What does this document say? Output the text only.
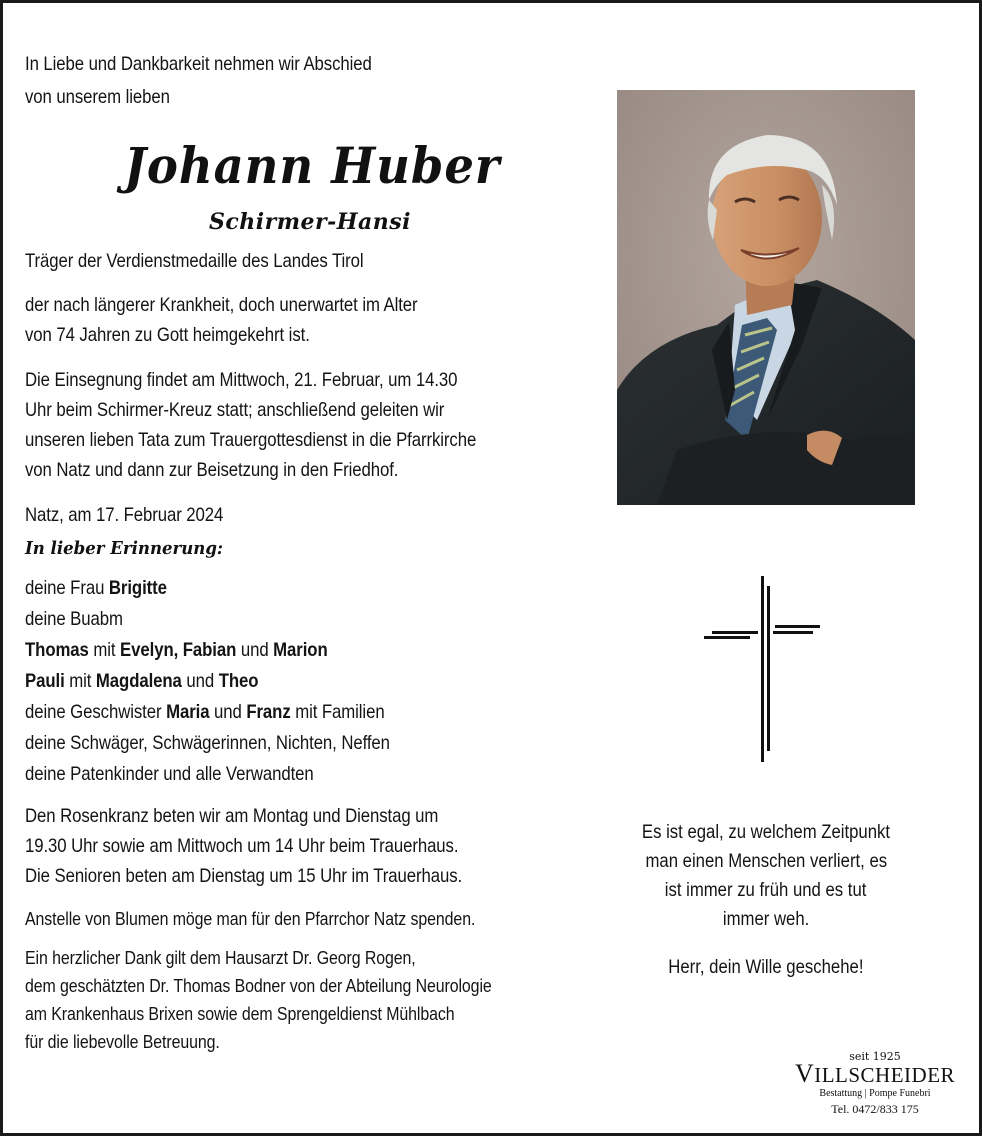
In Liebe und Dankbarkeit nehmen wir Abschied
von unserem lieben
Johann Huber
Schirmer-Hansi
Träger der Verdienstmedaille des Landes Tirol
der nach längerer Krankheit, doch unerwartet im Alter
von 74 Jahren zu Gott heimgekehrt ist.
Die Einsegnung findet am Mittwoch, 21. Februar, um 14.30
Uhr beim Schirmer-Kreuz statt; anschließend geleiten wir
unseren lieben Tata zum Trauergottesdienst in die Pfarrkirche
von Natz und dann zur Beisetzung in den Friedhof.
Natz, am 17. Februar 2024
In lieber Erinnerung:
deine Frau Brigitte
deine Buabm
Thomas mit Evelyn, Fabian und Marion
Pauli mit Magdalena und Theo
deine Geschwister Maria und Franz mit Familien
deine Schwäger, Schwägerinnen, Nichten, Neffen
deine Patenkinder und alle Verwandten
Den Rosenkranz beten wir am Montag und Dienstag um
19.30 Uhr sowie am Mittwoch um 14 Uhr beim Trauerhaus.
Die Senioren beten am Dienstag um 15 Uhr im Trauerhaus.
Anstelle von Blumen möge man für den Pfarrchor Natz spenden.
Ein herzlicher Dank gilt dem Hausarzt Dr. Georg Rogen,
dem geschätzten Dr. Thomas Bodner von der Abteilung Neurologie
am Krankenhaus Brixen sowie dem Sprengeldienst Mühlbach
für die liebevolle Betreuung.
Es ist egal, zu welchem Zeitpunkt
man einen Menschen verliert, es
ist immer zu früh und es tut
immer weh.
Herr, dein Wille geschehe!
seit 1925
VILLSCHEIDER
Bestattung | Pompe Funebri
Tel. 0472/833 175
